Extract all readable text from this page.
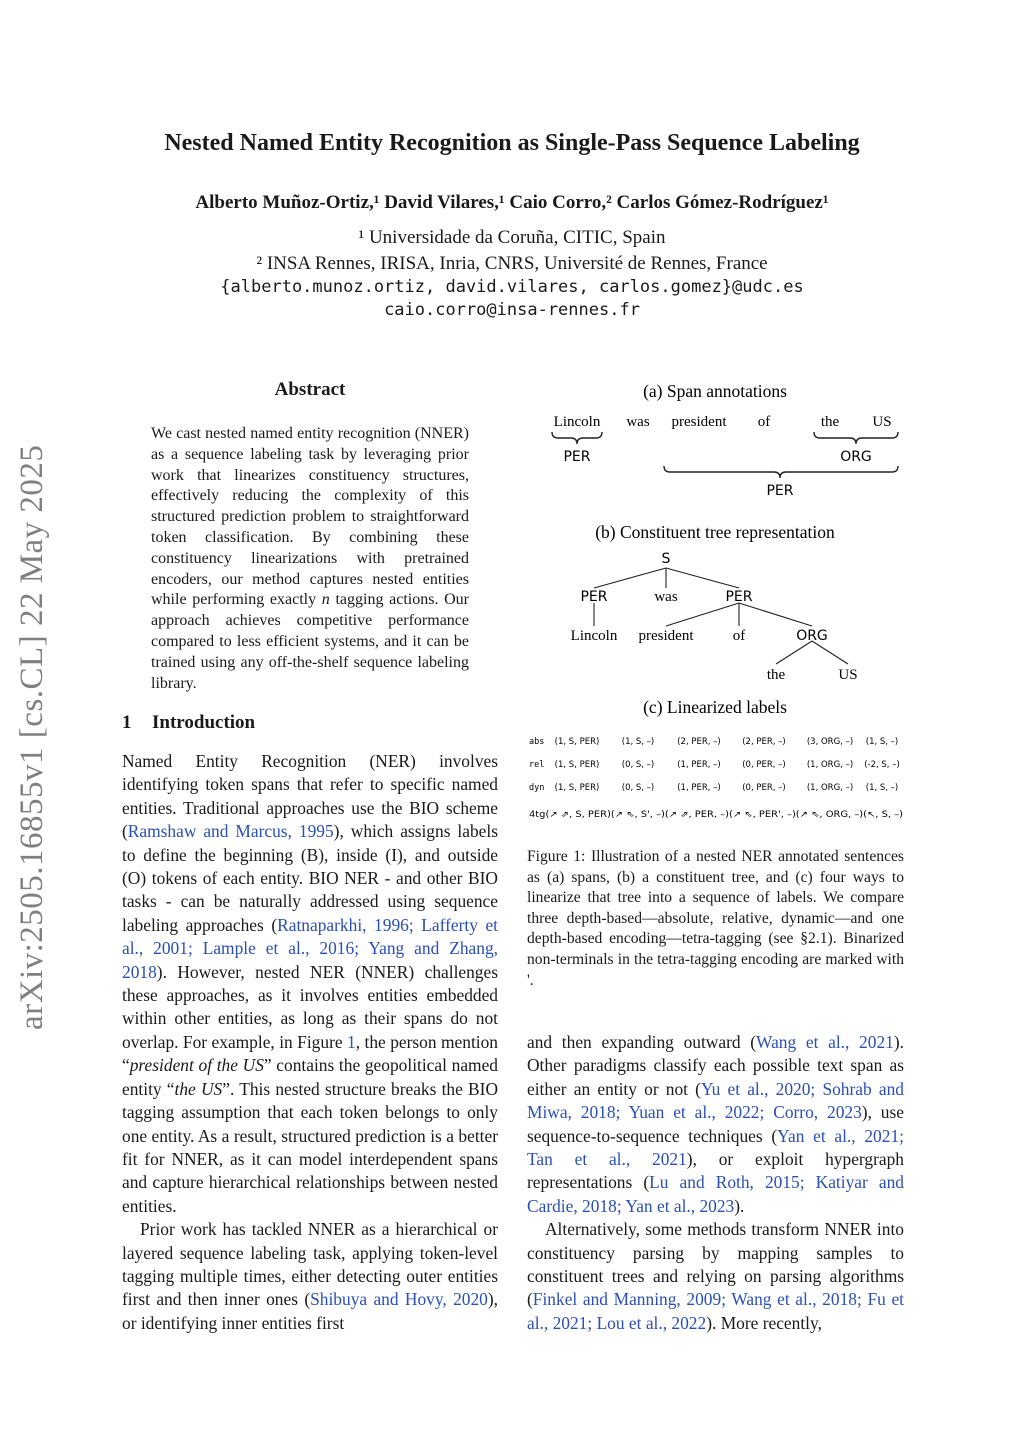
Nested Named Entity Recognition as Single-Pass Sequence Labeling
Alberto Muñoz-Ortiz,¹ David Vilares,¹ Caio Corro,² Carlos Gómez-Rodríguez¹
¹ Universidade da Coruña, CITIC, Spain
² INSA Rennes, IRISA, Inria, CNRS, Université de Rennes, France
{alberto.munoz.ortiz, david.vilares, carlos.gomez}@udc.es
caio.corro@insa-rennes.fr
arXiv:2505.16855v1 [cs.CL] 22 May 2025
Abstract
We cast nested named entity recognition (NNER) as a sequence labeling task by leveraging prior work that linearizes constituency structures, effectively reducing the complexity of this structured prediction problem to straightforward token classification. By combining these constituency linearizations with pretrained encoders, our method captures nested entities while performing exactly n tagging actions. Our approach achieves competitive performance compared to less efficient systems, and it can be trained using any off-the-shelf sequence labeling library.
1 Introduction

Named Entity Recognition (NER) involves identifying token spans that refer to specific named entities. Traditional approaches use the BIO scheme (Ramshaw and Marcus, 1995), which assigns labels to define the beginning (B), inside (I), and outside (O) tokens of each entity. BIO NER - and other BIO tasks - can be naturally addressed using sequence labeling approaches (Ratnaparkhi, 1996; Lafferty et al., 2001; Lample et al., 2016; Yang and Zhang, 2018). However, nested NER (NNER) challenges these approaches, as it involves entities embedded within other entities, as long as their spans do not overlap. For example, in Figure 1, the person mention “president of the US” contains the geopolitical named entity “the US”. This nested structure breaks the BIO tagging assumption that each token belongs to only one entity. As a result, structured prediction is a better fit for NNER, as it can model interdependent spans and capture hierarchical relationships between nested entities.

Prior work has tackled NNER as a hierarchical or layered sequence labeling task, applying token-level tagging multiple times, either detecting outer entities first and then inner ones (Shibuya and Hovy, 2020), or identifying inner entities first

and then expanding outward (Wang et al., 2021). Other paradigms classify each possible text span as either an entity or not (Yu et al., 2020; Sohrab and Miwa, 2018; Yuan et al., 2022; Corro, 2023), use sequence-to-sequence techniques (Yan et al., 2021; Tan et al., 2021), or exploit hypergraph representations (Lu and Roth, 2015; Katiyar and Cardie, 2018; Yan et al., 2023).

Alternatively, some methods transform NNER into constituency parsing by mapping samples to constituent trees and relying on parsing algorithms (Finkel and Manning, 2009; Wang et al., 2018; Fu et al., 2021; Lou et al., 2022). More recently,

(a) Span annotations
Lincoln was president of	the US
PER	ORG
PER
(b) Constituent tree representation
S
PER	was	PER
Lincoln president	of	ORG
the	US
(c) Linearized labels
abs (1, S, PER)	(1, S, –)	(2, PER, –)	(2, PER, –) (3, ORG, –) (1, S, –)
rel (1, S, PER)	(0, S, –)	(1, PER, –)	(0, PER, –) (1, ORG, –) (-2, S, –)
dyn (1, S, PER)	(0, S, –)	(1, PER, –)	(0, PER, –) (1, ORG, –) (1, S, –)
4tg(↗ ⇗, S, PER)(↗ ⇖, S', –)(↗ ⇗, PER, –)(↗ ⇖, PER', –)(↗ ⇖, ORG, –)(↖, S, –)
Figure 1: Illustration of a nested NER annotated sentences as (a) spans, (b) a constituent tree, and (c) four ways to linearize that tree into a sequence of labels. We compare three depth-based—absolute, relative, dynamic—and one depth-based encoding—tetra-tagging (see §2.1). Binarized non-terminals in the tetra-tagging encoding are marked with '.
